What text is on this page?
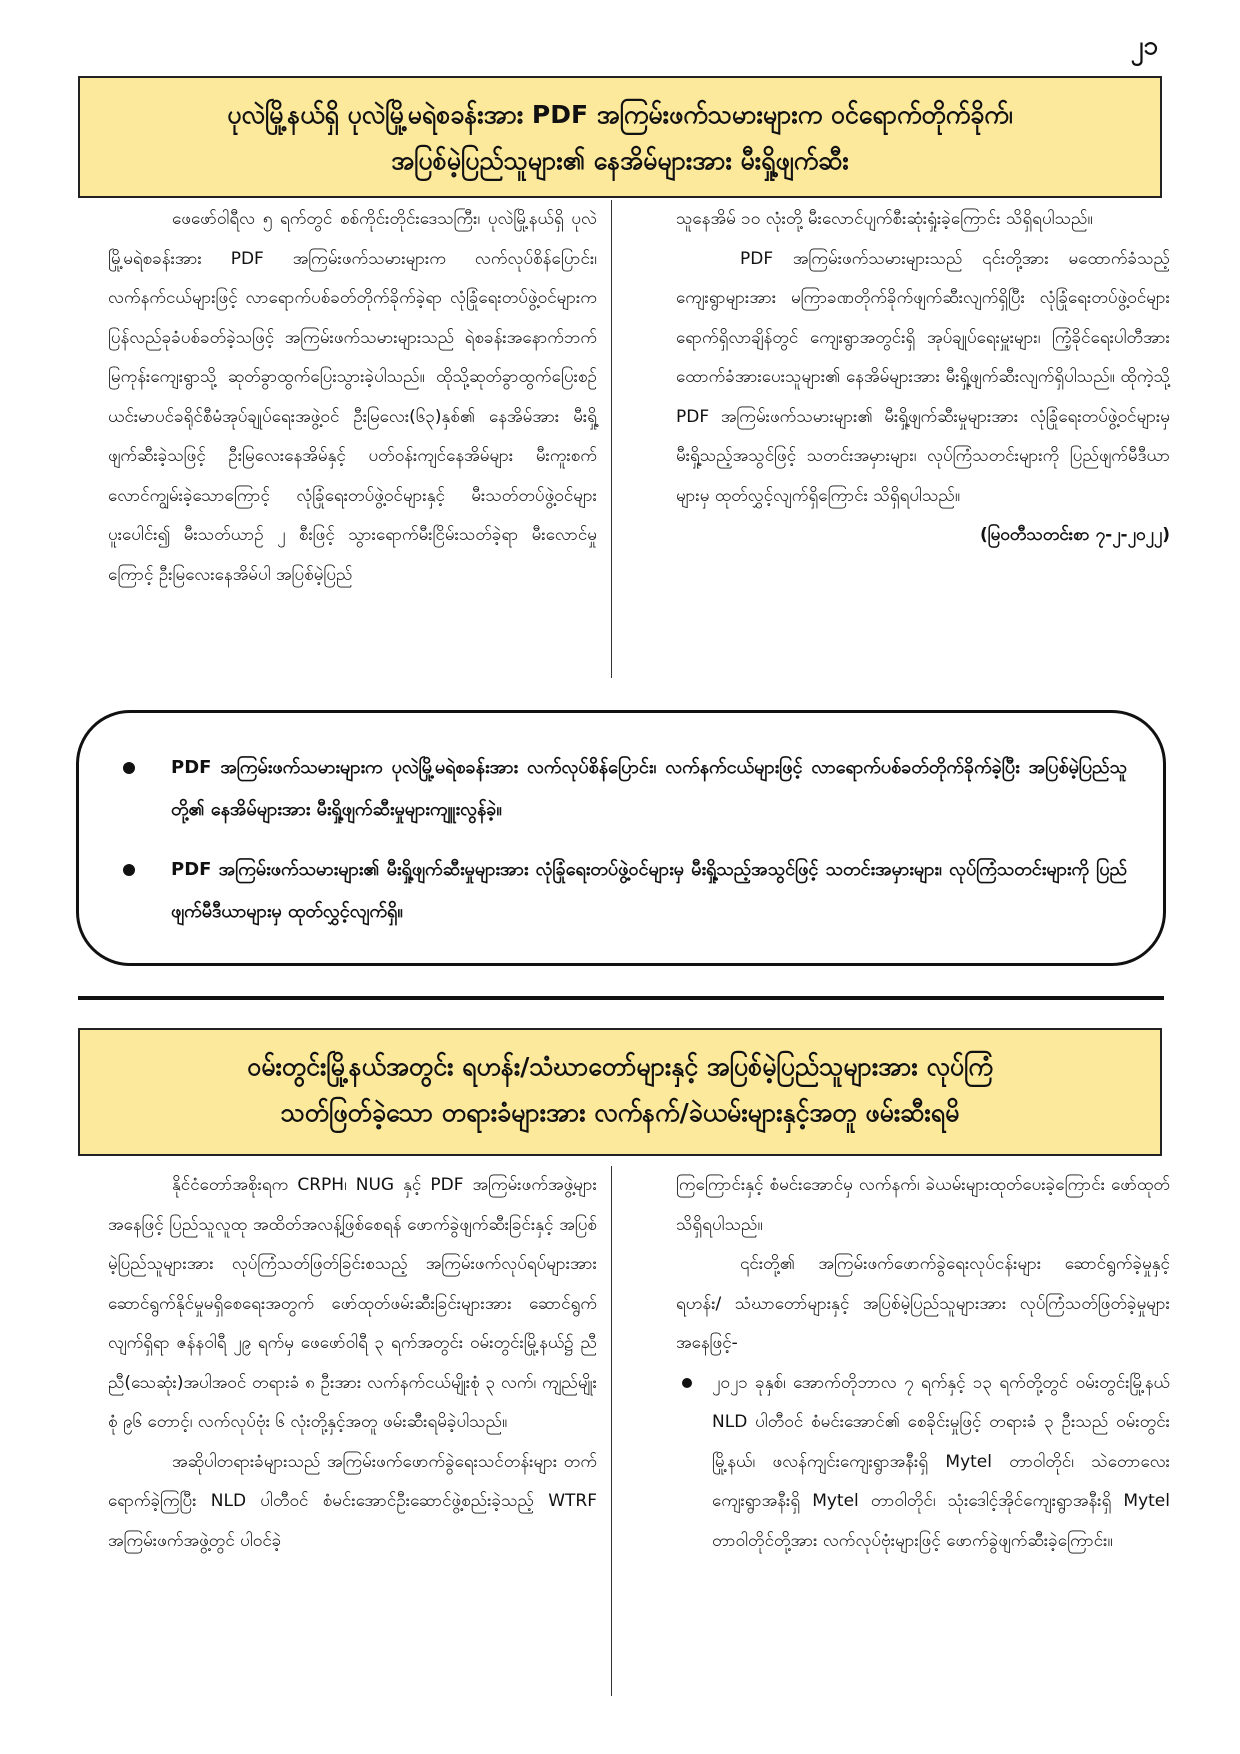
၂၁
ပုလဲမြို့နယ်ရှိ ပုလဲမြို့မရဲစခန်းအား PDF အကြမ်းဖက်သမားများက ဝင်ရောက်တိုက်ခိုက်၊
အပြစ်မဲ့ပြည်သူများ၏ နေအိမ်များအား မီးရှို့ဖျက်ဆီး

ဖေဖော်ဝါရီလ ၅ ရက်တွင် စစ်ကိုင်းတိုင်းဒေသကြီး၊ ပုလဲမြို့နယ်ရှိ ပုလဲမြို့မရဲစခန်းအား PDF အကြမ်းဖက်သမားများက လက်လုပ်စိန်ပြောင်း၊ လက်နက်ငယ်များဖြင့် လာရောက်ပစ်ခတ်တိုက်ခိုက်ခဲ့ရာ လုံခြုံရေးတပ်ဖွဲ့ဝင်များက ပြန်လည်ခုခံပစ်ခတ်ခဲ့သဖြင့် အကြမ်းဖက်သမားများသည် ရဲစခန်းအနောက်ဘက် မြကုန်းကျေးရွာသို့ ဆုတ်ခွာထွက်ပြေးသွားခဲ့ပါသည်။ ထိုသို့ဆုတ်ခွာထွက်ပြေးစဉ် ယင်းမာပင်ခရိုင်စီမံအုပ်ချုပ်ရေးအဖွဲ့ဝင် ဦးမြလေး(၆၃)နှစ်၏ နေအိမ်အား မီးရှို့ဖျက်ဆီးခဲ့သဖြင့် ဦးမြလေးနေအိမ်နှင့် ပတ်ဝန်းကျင်နေအိမ်များ မီးကူးစက်လောင်ကျွမ်းခဲ့သောကြောင့် လုံခြုံရေးတပ်ဖွဲ့ဝင်များနှင့် မီးသတ်တပ်ဖွဲ့ဝင်များပူးပေါင်း၍ မီးသတ်ယာဉ် ၂ စီးဖြင့် သွားရောက်မီးငြိမ်းသတ်ခဲ့ရာ မီးလောင်မှုကြောင့် ဦးမြလေးနေအိမ်ပါ အပြစ်မဲ့ပြည်

သူနေအိမ် ၁၀ လုံးတို့ မီးလောင်ပျက်စီးဆုံးရှုံးခဲ့ကြောင်း သိရှိရပါသည်။

PDF အကြမ်းဖက်သမားများသည် ၎င်းတို့အား မထောက်ခံသည့် ကျေးရွာများအား မကြာခဏတိုက်ခိုက်ဖျက်ဆီးလျက်ရှိပြီး လုံခြုံရေးတပ်ဖွဲ့ဝင်များရောက်ရှိလာချိန်တွင် ကျေးရွာအတွင်းရှိ အုပ်ချုပ်ရေးမှူးများ၊ ကြံ့ခိုင်ရေးပါတီအားထောက်ခံအားပေးသူများ၏ နေအိမ်များအား မီးရှို့ဖျက်ဆီးလျက်ရှိပါသည်။ ထိုကဲ့သို့ PDF အကြမ်းဖက်သမားများ၏ မီးရှို့ဖျက်ဆီးမှုများအား လုံခြုံရေးတပ်ဖွဲ့ဝင်များမှ မီးရှို့သည့်အသွင်ဖြင့် သတင်းအမှားများ၊ လုပ်ကြံသတင်းများကို ပြည်ဖျက်မီဒီယာများမှ ထုတ်လွှင့်လျက်ရှိကြောင်း သိရှိရပါသည်။

(မြဝတီသတင်းစာ ၇-၂-၂၀၂၂)

PDF အကြမ်းဖက်သမားများက ပုလဲမြို့မရဲစခန်းအား လက်လုပ်စိန်ပြောင်း၊ လက်နက်ငယ်များဖြင့် လာရောက်ပစ်ခတ်တိုက်ခိုက်ခဲ့ပြီး အပြစ်မဲ့ပြည်သူတို့၏ နေအိမ်များအား မီးရှို့ဖျက်ဆီးမှုများကျူးလွန်ခဲ့။
PDF အကြမ်းဖက်သမားများ၏ မီးရှို့ဖျက်ဆီးမှုများအား လုံခြုံရေးတပ်ဖွဲ့ဝင်များမှ မီးရှို့သည့်အသွင်ဖြင့် သတင်းအမှားများ၊ လုပ်ကြံသတင်းများကို ပြည်ဖျက်မီဒီယာများမှ ထုတ်လွှင့်လျက်ရှိ။
ဝမ်းတွင်းမြို့နယ်အတွင်း ရဟန်း/သံဃာတော်များနှင့် အပြစ်မဲ့ပြည်သူများအား လုပ်ကြံ
သတ်ဖြတ်ခဲ့သော တရားခံများအား လက်နက်/ခဲယမ်းများနှင့်အတူ ဖမ်းဆီးရမိ

နိုင်ငံတော်အစိုးရက CRPH၊ NUG နှင့် PDF အကြမ်းဖက်အဖွဲ့များအနေဖြင့် ပြည်သူလူထု အထိတ်အလန့်ဖြစ်စေရန် ဖောက်ခွဲဖျက်ဆီးခြင်းနှင့် အပြစ်မဲ့ပြည်သူများအား လုပ်ကြံသတ်ဖြတ်ခြင်းစသည့် အကြမ်းဖက်လုပ်ရပ်များအား ဆောင်ရွက်နိုင်မှုမရှိစေရေးအတွက် ဖော်ထုတ်ဖမ်းဆီးခြင်းများအား ဆောင်ရွက်လျက်ရှိရာ ဇန်နဝါရီ ၂၉ ရက်မှ ဖေဖော်ဝါရီ ၃ ရက်အတွင်း ဝမ်းတွင်းမြို့နယ်၌ ညီညီ(သေဆုံး)အပါအဝင် တရားခံ ၈ ဦးအား လက်နက်ငယ်မျိုးစုံ ၃ လက်၊ ကျည်မျိုးစုံ ၉၆ တောင့်၊ လက်လုပ်ဗုံး ၆ လုံးတို့နှင့်အတူ ဖမ်းဆီးရမိခဲ့ပါသည်။

အဆိုပါတရားခံများသည် အကြမ်းဖက်ဖောက်ခွဲရေးသင်တန်းများ တက်ရောက်ခဲ့ကြပြီး NLD ပါတီဝင် စံမင်းအောင်ဦးဆောင်ဖွဲ့စည်းခဲ့သည့် WTRF အကြမ်းဖက်အဖွဲ့တွင် ပါဝင်ခဲ့

ကြကြောင်းနှင့် စံမင်းအောင်မှ လက်နက်၊ ခဲယမ်းများထုတ်ပေးခဲ့ကြောင်း ဖော်ထုတ်သိရှိရပါသည်။

၎င်းတို့၏ အကြမ်းဖက်ဖောက်ခွဲရေးလုပ်ငန်းများ ဆောင်ရွက်ခဲ့မှုနှင့် ရဟန်း/ သံဃာတော်များနှင့် အပြစ်မဲ့ပြည်သူများအား လုပ်ကြံသတ်ဖြတ်ခဲ့မှုများအနေဖြင့်-

၂၀၂၁ ခုနှစ်၊ အောက်တိုဘာလ ၇ ရက်နှင့် ၁၃ ရက်တို့တွင် ဝမ်းတွင်းမြို့နယ် NLD ပါတီဝင် စံမင်းအောင်၏ စေခိုင်းမှုဖြင့် တရားခံ ၃ ဦးသည် ဝမ်းတွင်းမြို့နယ်၊ ဖလန်ကျင်းကျေးရွာအနီးရှိ Mytel တာဝါတိုင်၊ သဲတောလေးကျေးရွာအနီးရှိ Mytel တာဝါတိုင်၊ သုံးဒေါင့်အိုင်ကျေးရွာအနီးရှိ Mytel တာဝါတိုင်တို့အား လက်လုပ်ဗုံးများဖြင့် ဖောက်ခွဲဖျက်ဆီးခဲ့ကြောင်း။
